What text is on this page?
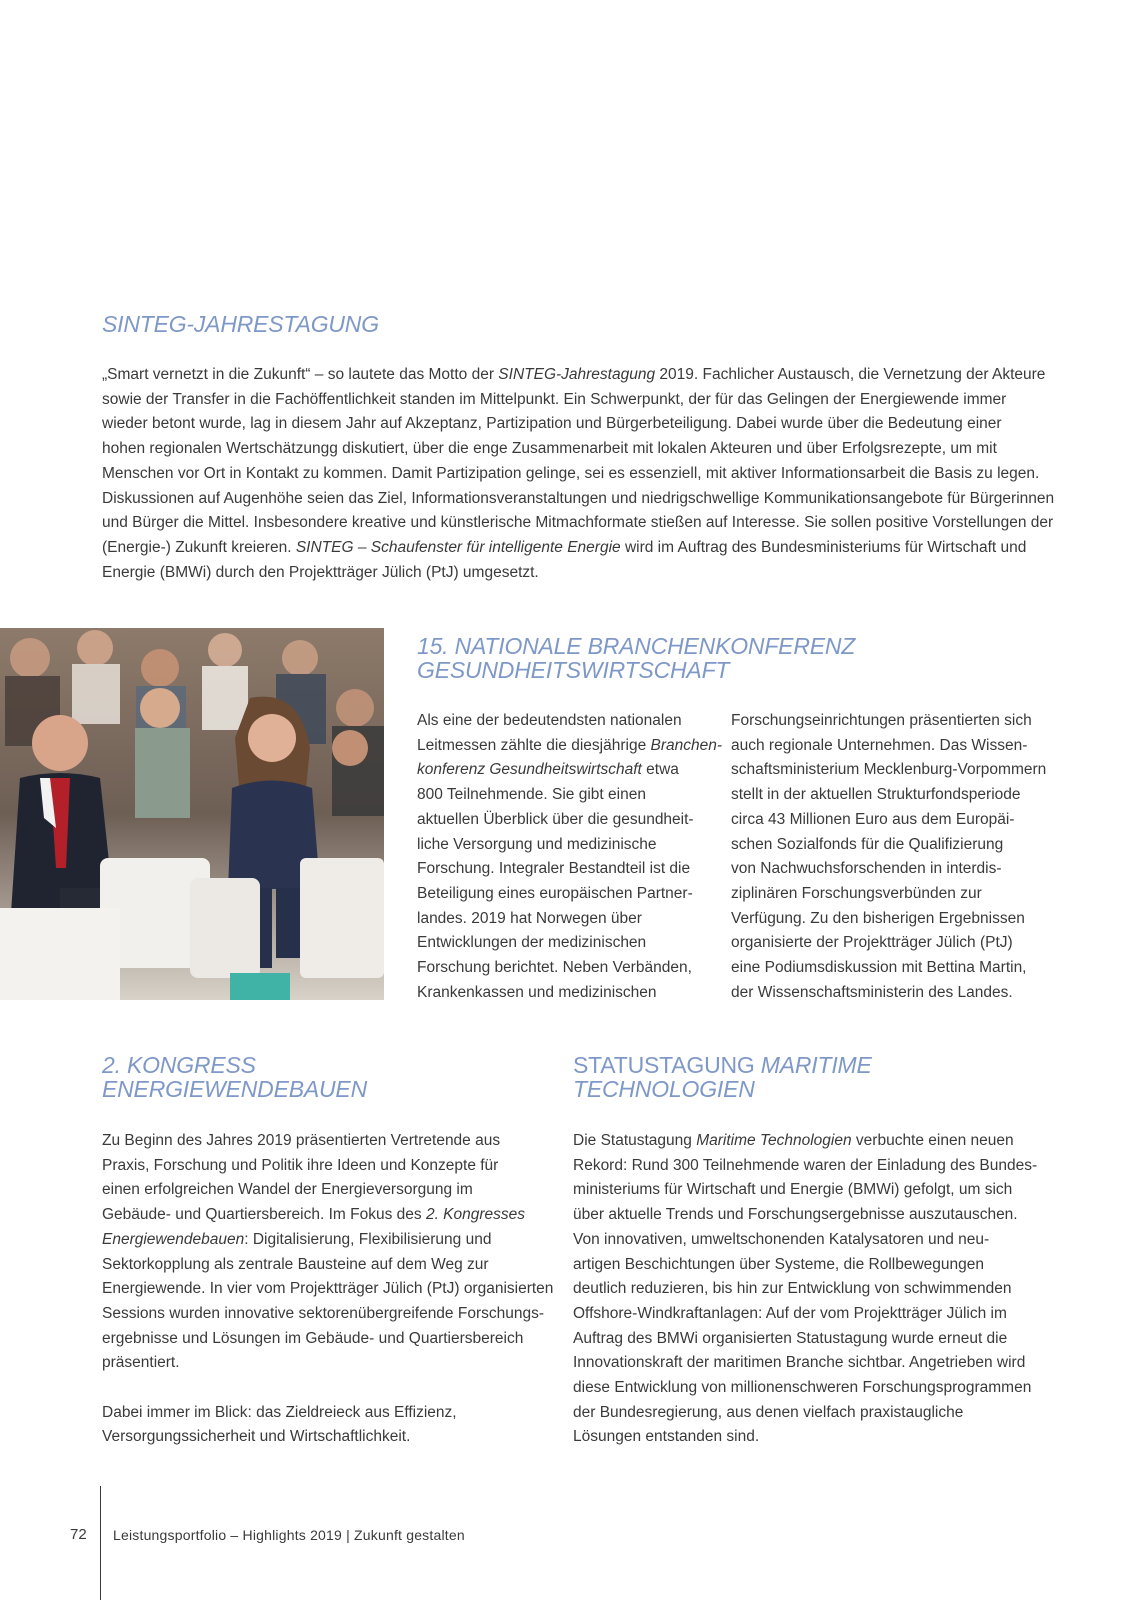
SINTEG-JAHRESTAGUNG
„Smart vernetzt in die Zukunft“ – so lautete das Motto der SINTEG-Jahrestagung 2019. Fachlicher Austausch, die Vernetzung der Akteure
sowie der Transfer in die Fachöffentlichkeit standen im Mittelpunkt. Ein Schwerpunkt, der für das Gelingen der Energiewende immer
wieder betont wurde, lag in diesem Jahr auf Akzeptanz, Partizipation und Bürgerbeteiligung. Dabei wurde über die Bedeutung einer
hohen regionalen Wertschätzungg diskutiert, über die enge Zusammenarbeit mit lokalen Akteuren und über Erfolgsrezepte, um mit
Menschen vor Ort in Kontakt zu kommen. Damit Partizipation gelinge, sei es essenziell, mit aktiver Informationsarbeit die Basis zu legen.
Diskussionen auf Augenhöhe seien das Ziel, Informationsveranstaltungen und niedrigschwellige Kommunikationsangebote für Bürgerinnen
und Bürger die Mittel. Insbesondere kreative und künstlerische Mitmachformate stießen auf Interesse. Sie sollen positive Vorstellungen der
(Energie-) Zukunft kreieren. SINTEG – Schaufenster für intelligente Energie wird im Auftrag des Bundesministeriums für Wirtschaft und
Energie (BMWi) durch den Projektträger Jülich (PtJ) umgesetzt.
15. NATIONALE BRANCHENKONFERENZ
GESUNDHEITSWIRTSCHAFT
Als eine der bedeutendsten nationalen
Leitmessen zählte die diesjährige Branchen-
konferenz Gesundheitswirtschaft etwa
800 Teilnehmende. Sie gibt einen
aktuellen Überblick über die gesundheit-
liche Versorgung und medizinische
Forschung. Integraler Bestandteil ist die
Beteiligung eines europäischen Partner-
landes. 2019 hat Norwegen über
Entwicklungen der medizinischen
Forschung berichtet. Neben Verbänden,
Krankenkassen und medizinischen
Forschungseinrichtungen präsentierten sich
auch regionale Unternehmen. Das Wissen-
schaftsministerium Mecklenburg-Vorpommern
stellt in der aktuellen Strukturfondsperiode
circa 43 Millionen Euro aus dem Europäi-
schen Sozialfonds für die Qualifizierung
von Nachwuchsforschenden in interdis-
ziplinären Forschungsverbünden zur
Verfügung. Zu den bisherigen Ergebnissen
organisierte der Projektträger Jülich (PtJ)
eine Podiumsdiskussion mit Bettina Martin,
der Wissenschaftsministerin des Landes.
2. KONGRESS
ENERGIEWENDEBAUEN
Zu Beginn des Jahres 2019 präsentierten Vertretende aus
Praxis, Forschung und Politik ihre Ideen und Konzepte für
einen erfolgreichen Wandel der Energieversorgung im
Gebäude- und Quartiersbereich. Im Fokus des 2. Kongresses
Energiewendebauen: Digitalisierung, Flexibilisierung und
Sektorkopplung als zentrale Bausteine auf dem Weg zur
Energiewende. In vier vom Projektträger Jülich (PtJ) organisierten
Sessions wurden innovative sektorenübergreifende Forschungs-
ergebnisse und Lösungen im Gebäude- und Quartiersbereich
präsentiert.
Dabei immer im Blick: das Zieldreieck aus Effizienz,
Versorgungssicherheit und Wirtschaftlichkeit.
STATUSTAGUNG MARITIME
TECHNOLOGIEN
Die Statustagung Maritime Technologien verbuchte einen neuen
Rekord: Rund 300 Teilnehmende waren der Einladung des Bundes-
ministeriums für Wirtschaft und Energie (BMWi) gefolgt, um sich
über aktuelle Trends und Forschungsergebnisse auszutauschen.
Von innovativen, umweltschonenden Katalysatoren und neu-
artigen Beschichtungen über Systeme, die Rollbewegungen
deutlich reduzieren, bis hin zur Entwicklung von schwimmenden
Offshore-Windkraftanlagen: Auf der vom Projektträger Jülich im
Auftrag des BMWi organisierten Statustagung wurde erneut die
Innovationskraft der maritimen Branche sichtbar. Angetrieben wird
diese Entwicklung von millionenschweren Forschungsprogrammen
der Bundesregierung, aus denen vielfach praxistaugliche
Lösungen entstanden sind.
72 Leistungsportfolio – Highlights 2019 | Zukunft gestalten
